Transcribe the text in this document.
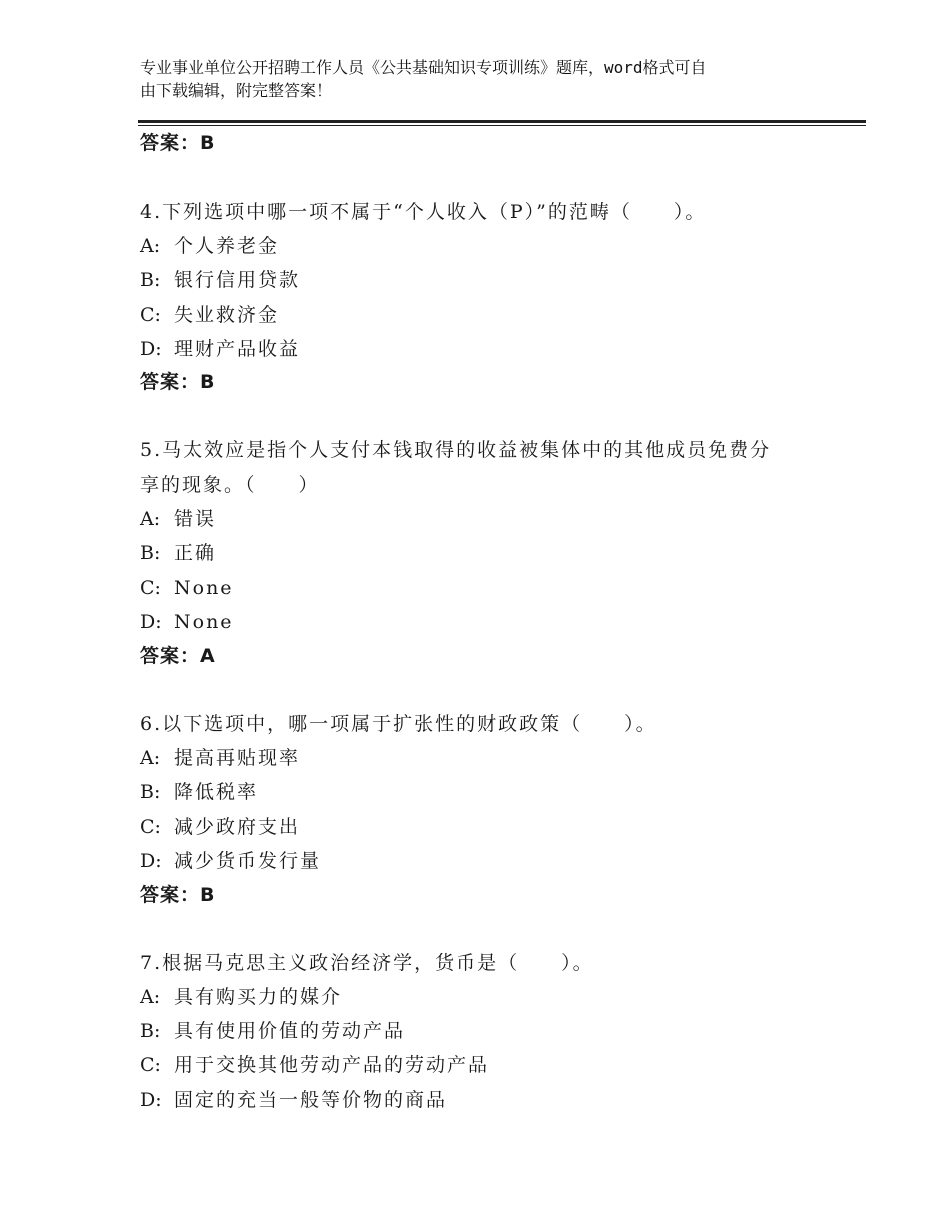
专业事业单位公开招聘工作人员《公共基础知识专项训练》题库，word格式可自
由下载编辑，附完整答案！
答案：B
4.下列选项中哪一项不属于“个人收入（P）”的范畴（　　）。
A: 个人养老金
B: 银行信用贷款
C: 失业救济金
D: 理财产品收益
答案：B
5.马太效应是指个人支付本钱取得的收益被集体中的其他成员免费分
享的现象。（　　）
A: 错误
B: 正确
C: None
D: None
答案：A
6.以下选项中，哪一项属于扩张性的财政政策（　　）。
A: 提高再贴现率
B: 降低税率
C: 减少政府支出
D: 减少货币发行量
答案：B
7.根据马克思主义政治经济学，货币是（　　）。
A: 具有购买力的媒介
B: 具有使用价值的劳动产品
C: 用于交换其他劳动产品的劳动产品
D: 固定的充当一般等价物的商品
